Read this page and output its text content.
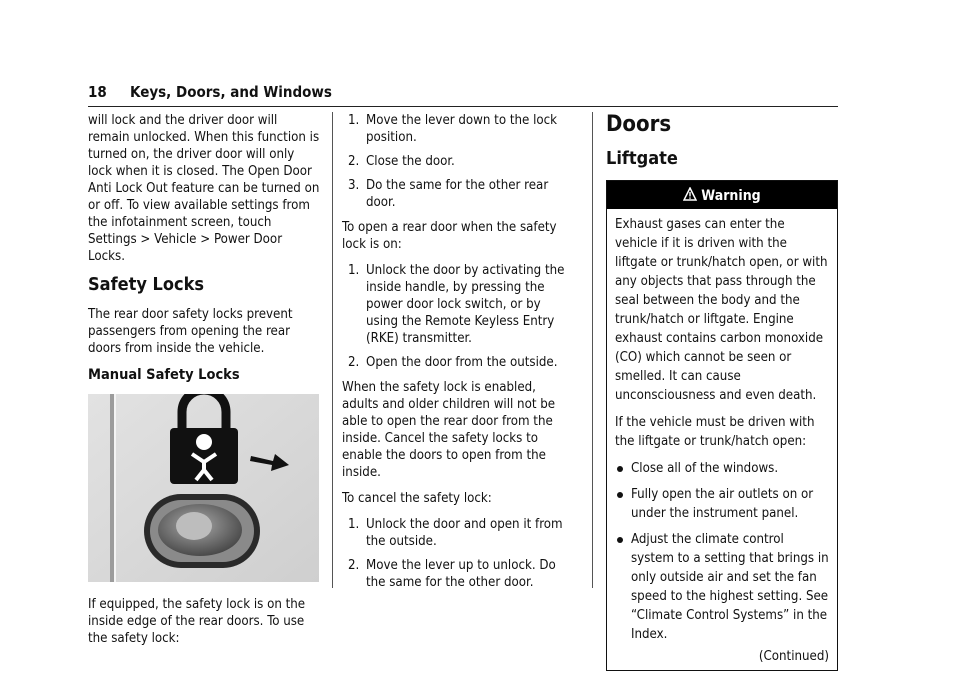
18 Keys, Doors, and Windows

will lock and the driver door will remain unlocked. When this function is turned on, the driver door will only lock when it is closed. The Open Door Anti Lock Out feature can be turned on or off. To view available settings from the infotainment screen, touch Settings > Vehicle > Power Door Locks.

Safety Locks

The rear door safety locks prevent passengers from opening the rear doors from inside the vehicle.

Manual Safety Locks

If equipped, the safety lock is on the inside edge of the rear doors. To use the safety lock:

1. Move the lever down to the lock position.
2. Close the door.
3. Do the same for the other rear door.

To open a rear door when the safety lock is on:

1. Unlock the door by activating the inside handle, by pressing the power door lock switch, or by using the Remote Keyless Entry (RKE) transmitter.
2. Open the door from the outside.

When the safety lock is enabled, adults and older children will not be able to open the rear door from the inside. Cancel the safety locks to enable the doors to open from the inside.

To cancel the safety lock:

1. Unlock the door and open it from the outside.
2. Move the lever up to unlock. Do the same for the other door.
Doors
Liftgate
Warning

Exhaust gases can enter the vehicle if it is driven with the liftgate or trunk/hatch open, or with any objects that pass through the seal between the body and the trunk/hatch or liftgate. Engine exhaust contains carbon monoxide (CO) which cannot be seen or smelled. It can cause unconsciousness and even death.

If the vehicle must be driven with the liftgate or trunk/hatch open:

Close all of the windows.
Fully open the air outlets on or under the instrument panel.
Adjust the climate control system to a setting that brings in only outside air and set the fan speed to the highest setting. See “Climate Control Systems” in the Index.
(Continued)
